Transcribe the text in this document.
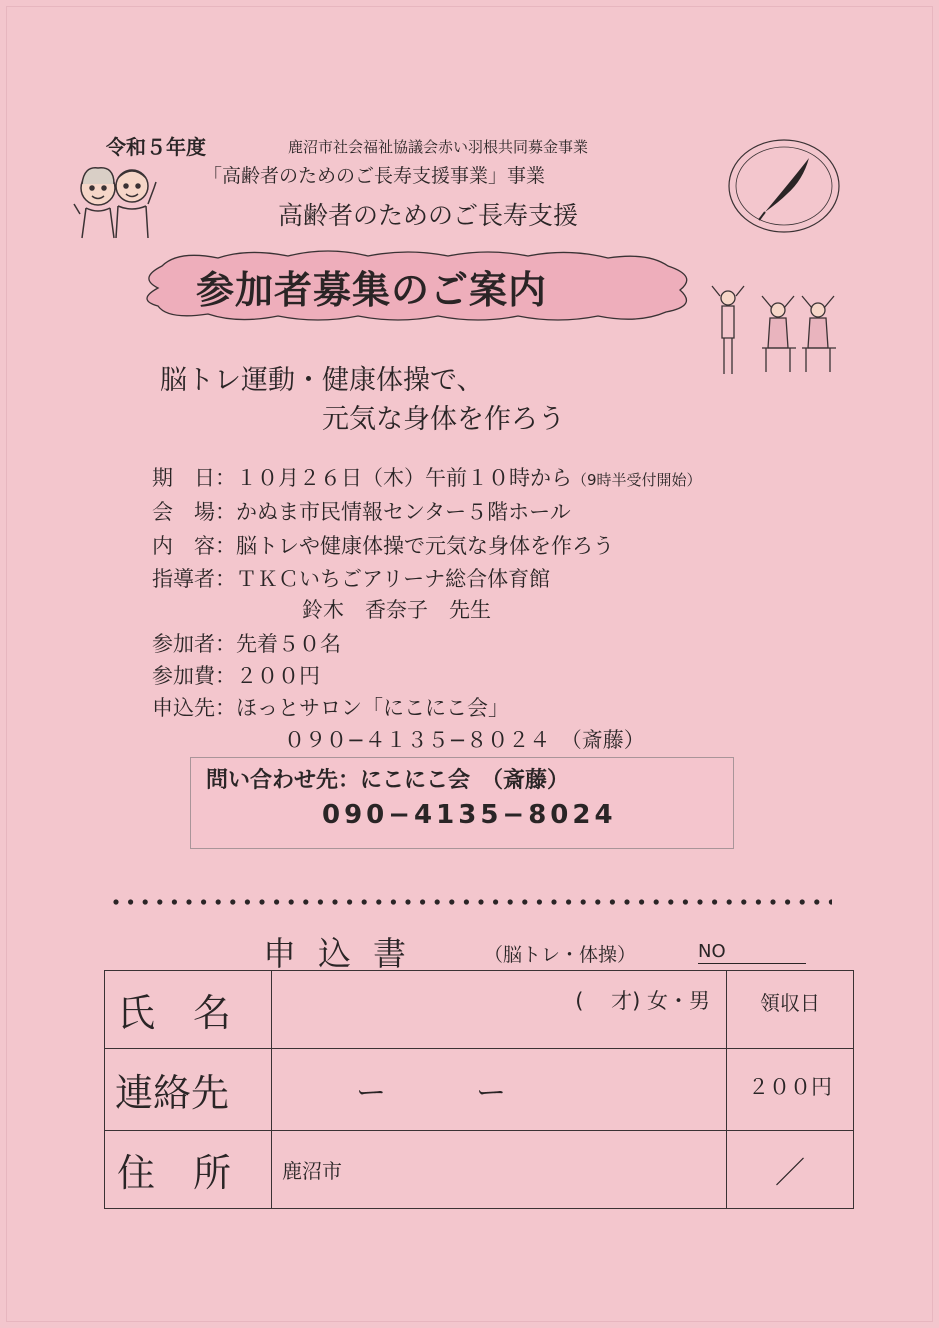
令和５年度	鹿沼市社会福祉協議会赤い羽根共同募金事業
「高齢者のためのご長寿支援事業」事業
高齢者のためのご長寿支援
参加者募集のご案内
脳トレ運動・健康体操で、
元気な身体を作ろう
期　日：１０月２６日（木）午前１０時から（9時半受付開始）
会　場：かぬま市民情報センター５階ホール
内　容：脳トレや健康体操で元気な身体を作ろう
指導者：ＴＫＣいちごアリーナ総合体育館
鈴木　香奈子　先生
参加者：先着５０名
参加費：２００円
申込先：ほっとサロン「にこにこ会」
０９０−４１３５−８０２４　（斎藤）
問い合わせ先：にこにこ会　（斎藤）
090−4135−8024
申込書	（脳トレ・体操）	NO
氏　名	(　 才) 女・男	領収日
連絡先	ー　　　ー	２００円
住　所	鹿沼市	／
